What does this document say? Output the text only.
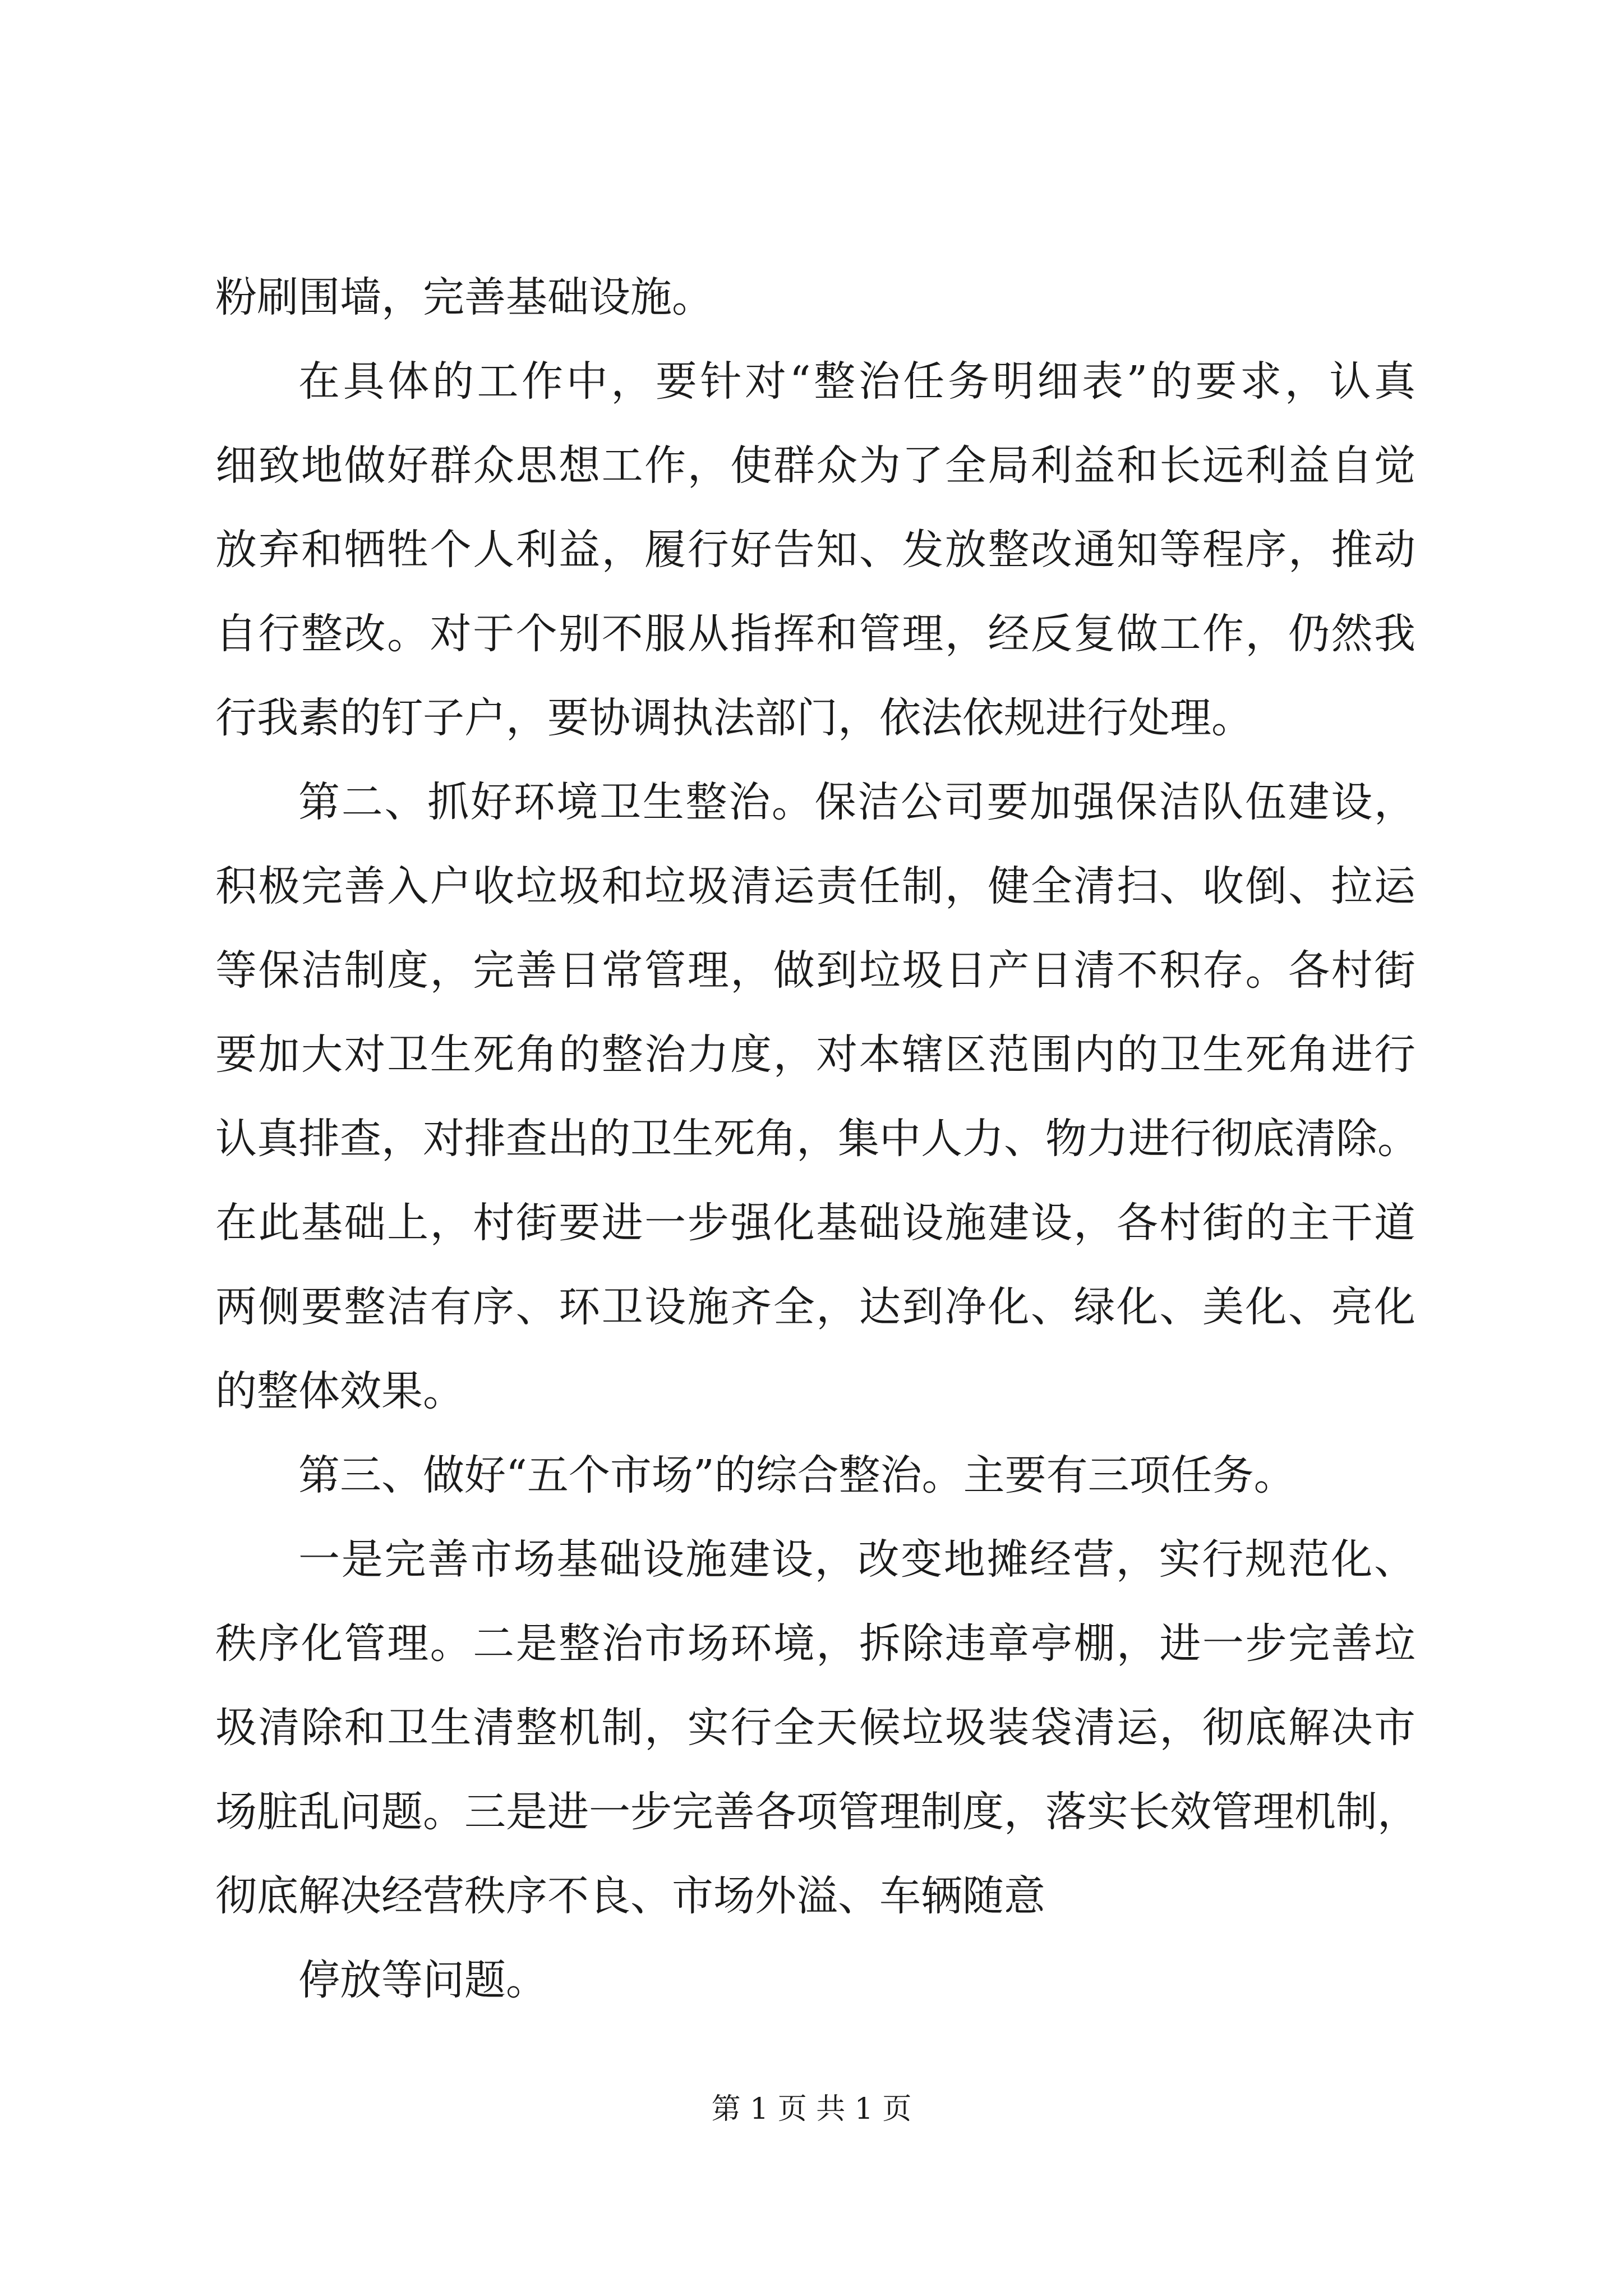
粉刷围墙，完善基础设施。
在具体的工作中，要针对“整治任务明细表”的要求，认真
细致地做好群众思想工作，使群众为了全局利益和长远利益自觉
放弃和牺牲个人利益，履行好告知、发放整改通知等程序，推动
自行整改。对于个别不服从指挥和管理，经反复做工作，仍然我
行我素的钉子户，要协调执法部门，依法依规进行处理。
第二、抓好环境卫生整治。保洁公司要加强保洁队伍建设，
积极完善入户收垃圾和垃圾清运责任制，健全清扫、收倒、拉运
等保洁制度，完善日常管理，做到垃圾日产日清不积存。各村街
要加大对卫生死角的整治力度，对本辖区范围内的卫生死角进行
认真排查，对排查出的卫生死角，集中人力、物力进行彻底清除。
在此基础上，村街要进一步强化基础设施建设，各村街的主干道
两侧要整洁有序、环卫设施齐全，达到净化、绿化、美化、亮化
的整体效果。
第三、做好“五个市场”的综合整治。主要有三项任务。
一是完善市场基础设施建设，改变地摊经营，实行规范化、
秩序化管理。二是整治市场环境，拆除违章亭棚，进一步完善垃
圾清除和卫生清整机制，实行全天候垃圾装袋清运，彻底解决市
场脏乱问题。三是进一步完善各项管理制度，落实长效管理机制，
彻底解决经营秩序不良、市场外溢、车辆随意
停放等问题。
第 1 页 共 1 页
